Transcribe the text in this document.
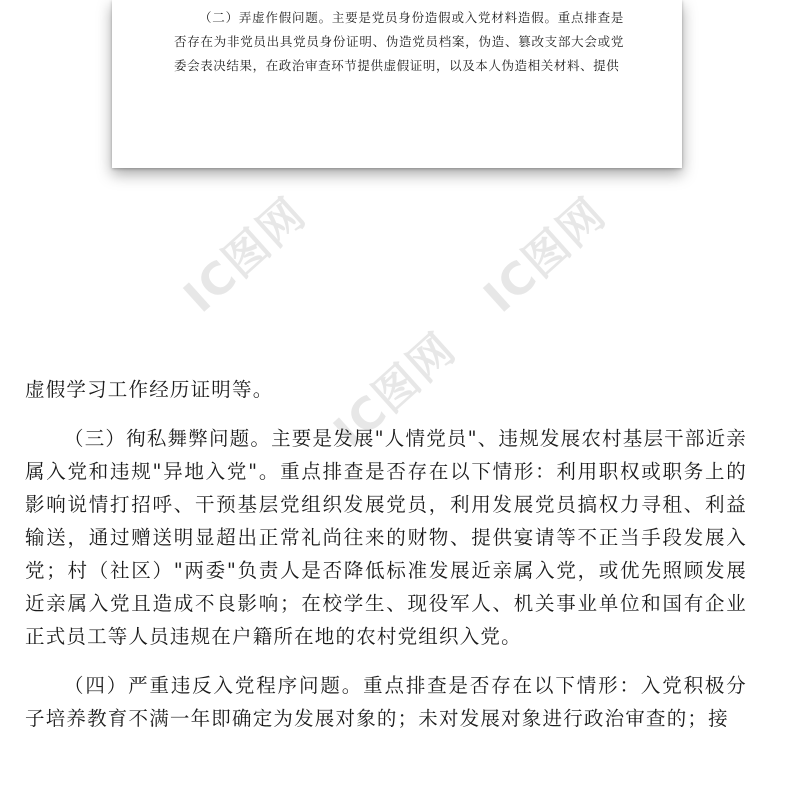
（二）弄虚作假问题。主要是党员身份造假或入党材料造假。重点排查是否存在为非党员出具党员身份证明、伪造党员档案，伪造、篡改支部大会或党委会表决结果，在政治审查环节提供虚假证明，以及本人伪造相关材料、提供

IC图网	IC图网
IC图网

虚假学习工作经历证明等。

（三）徇私舞弊问题。主要是发展"人情党员"、违规发展农村基层干部近亲属入党和违规"异地入党"。重点排查是否存在以下情形：利用职权或职务上的影响说情打招呼、干预基层党组织发展党员，利用发展党员搞权力寻租、利益输送，通过赠送明显超出正常礼尚往来的财物、提供宴请等不正当手段发展入党；村（社区）"两委"负责人是否降低标准发展近亲属入党，或优先照顾发展近亲属入党且造成不良影响；在校学生、现役军人、机关事业单位和国有企业正式员工等人员违规在户籍所在地的农村党组织入党。

（四）严重违反入党程序问题。重点排查是否存在以下情形：入党积极分子培养教育不满一年即确定为发展对象的；未对发展对象进行政治审查的；接
